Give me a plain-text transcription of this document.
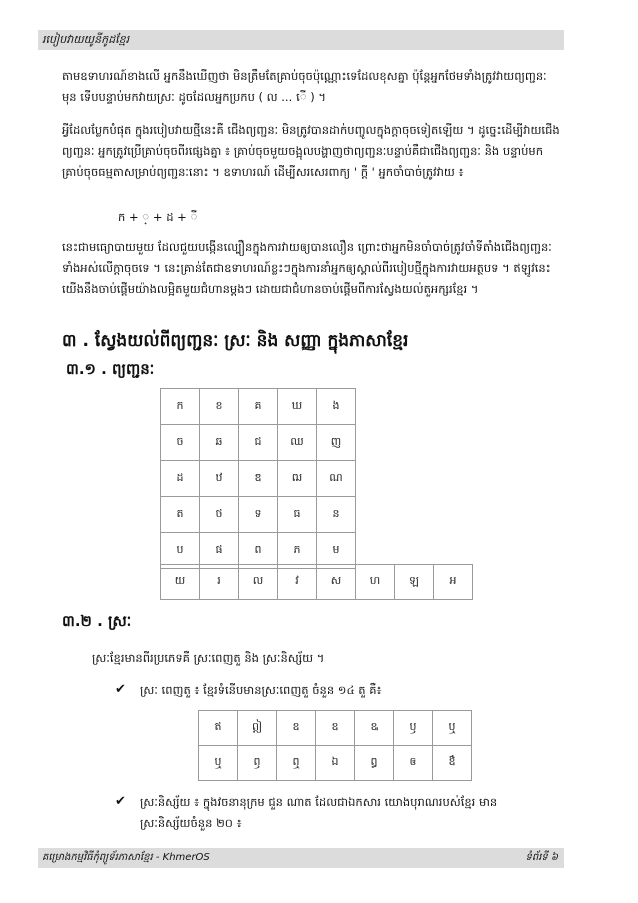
របៀបវាយយូនីកូដខ្មែរ
តាមឧទាហរណ៍ខាងលើ អ្នកនឹងឃើញថា មិនត្រឹមតែគ្រាប់ចុចប៉ុណ្ណោះទេដែលខុសគ្នា ប៉ុន្តែអ្នកថែមទាំងត្រូវវាយព្យញ្ជនៈមុន ទើបបន្ទាប់មកវាយស្រៈ ដូចដែលអ្នកប្រកប ( ល ... ើ ) ។
អ្វីដែលប្លែកបំផុត ក្នុងរបៀបវាយថ្មីនេះគឺ ជើងព្យញ្ជនៈ មិនត្រូវបានដាក់បញ្ចូលក្នុងក្តាចុចទៀតឡើយ ។ ដូច្នេះដើម្បីវាយជើងព្យញ្ជនៈ អ្នកត្រូវប្រើគ្រាប់ចុចពីរផ្សេងគ្នា ៖ គ្រាប់ចុចមួយចង្អុលបង្ហាញថាព្យញ្ជនៈបន្ទាប់គឺជាជើងព្យញ្ជនៈ និង បន្ទាប់មកគ្រាប់ចុចធម្មតាសម្រាប់ព្យញ្ជនៈនោះ ។ ឧទាហរណ៍ ដើម្បីសរសេរពាក្យ ' ក្តី ' អ្នកចាំបាច់ត្រូវវាយ ៖
ក + ្ + ដ + ី
នេះជាមធ្យោបាយមួយ ដែលជួយបង្កើនល្បឿនក្នុងការវាយឲ្យបានលឿន ព្រោះថាអ្នកមិនចាំបាច់ត្រូវចាំទីតាំងជើងព្យញ្ជនៈទាំងអស់លើក្តាចុចទេ ។ នេះគ្រាន់តែជាឧទាហរណ៍ខ្លះៗក្នុងការនាំអ្នកឲ្យស្គាល់ពីរបៀបថ្មីក្នុងការវាយអត្ថបទ ។ ឥឡូវនេះ យើងនឹងចាប់ផ្តើមយ៉ាងលម្អិតមួយជំហានម្តងៗ ដោយជាជំហានចាប់ផ្តើមពីការស្វែងយល់តួអក្សរខ្មែរ ។
៣ . ស្វែងយល់ពីព្យញ្ជនៈ ស្រៈ និង សញ្ញា ក្នុងភាសាខ្មែរ
៣.១ . ព្យញ្ជនៈ
ក	ខ	គ	ឃ	ង
ច	ឆ	ជ	ឈ	ញ
ដ	ឋ	ឌ	ឍ	ណ
ត	ថ	ទ	ធ	ន
ប	ផ	ព	ភ	ម
យ	រ	ល	វ	ស	ហ	ឡ	អ
៣.២ . ស្រៈ
ស្រៈខ្មែរមានពីរប្រភេទគឺ ស្រៈពេញតួ និង ស្រៈនិស្ស័យ ។
✔ ស្រៈ ពេញតួ ៖ ខ្មែរទំនើបមានស្រៈពេញតួ ចំនួន ១៤ តួ គឺ៖
ឥ	ឦ	ឧ	ឧ	ឩ	ឫ	ឬ
ឬ	ឭ	ឮ	ឯ	ឰ	ឲ	ឳ
✔ ស្រៈនិស្ស័យ ៖ ក្នុងវចនានុក្រម ជួន ណាត ដែលជាឯកសារ យោងបុរាណរបស់ខ្មែរ មាន
ស្រៈនិស្ស័យចំនួន ២០ ៖
គម្រោងកម្មវិធីកុំព្យូទ័រភាសាខ្មែរ - KhmerOS	ទំព័រទី ៦
